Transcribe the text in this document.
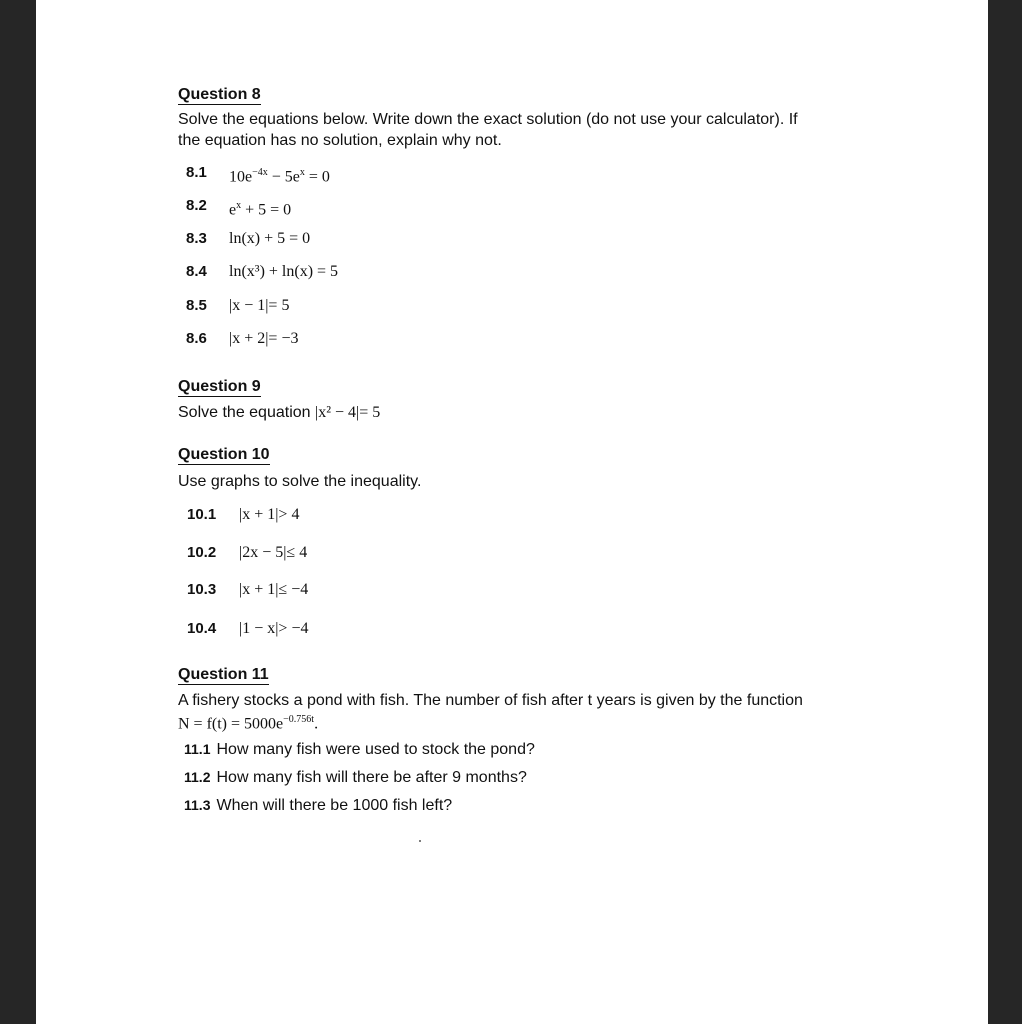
Question 8
Solve the equations below. Write down the exact solution (do not use your calculator). If
the equation has no solution, explain why not.
8.1 $10e^{-4x} - 5e^x = 0$
8.2 $e^x + 5 = 0$
8.3 ln(x) + 5 = 0
8.4 ln(x³) + ln(x) = 5
8.5 |x − 1|= 5
8.6 |x + 2|= −3
Question 9
Solve the equation |x² − 4|= 5
Question 10
Use graphs to solve the inequality.
10.1 |x + 1|> 4
10.2 |2x − 5|≤ 4
10.3 |x + 1|≤ −4
10.4 |1 − x|> −4
Question 11
A fishery stocks a pond with fish. The number of fish after t years is given by the function
$N = f(t) = 5000e^{-0.756t}$.
11.1 How many fish were used to stock the pond?
11.2 How many fish will there be after 9 months?
11.3 When will there be 1000 fish left?
